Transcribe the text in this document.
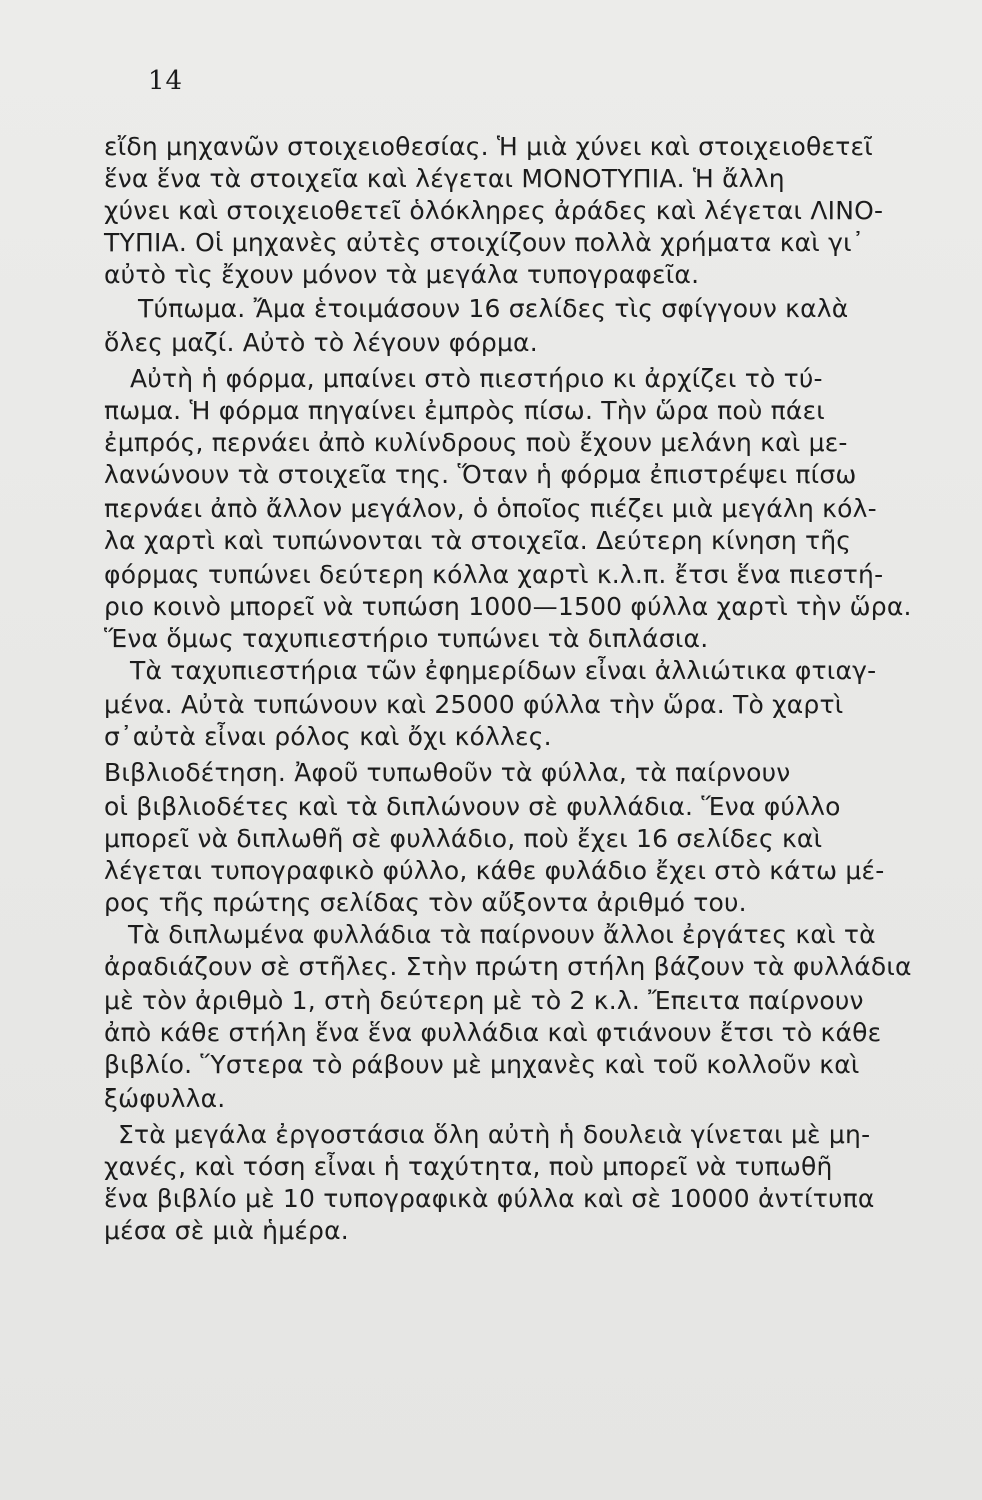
14
εἴδη μηχανῶν στοιχειοθεσίας. Ἡ μιὰ χύνει καὶ στοιχειοθετεῖ
ἕνα ἕνα τὰ στοιχεῖα καὶ λέγεται ΜΟΝΟΤΥΠΙΑ. Ἡ ἄλλη
χύνει καὶ στοιχειοθετεῖ ὁλόκληρες ἀράδες καὶ λέγεται ΛΙΝΟ-
ΤΥΠΙΑ. Οἱ μηχανὲς αὐτὲς στοιχίζουν πολλὰ χρήματα καὶ γι᾽
αὐτὸ τὶς ἔχουν μόνον τὰ μεγάλα τυπογραφεῖα.
Τύπωμα. Ἄμα ἑτοιμάσουν 16 σελίδες τὶς σφίγγουν καλὰ
ὅλες μαζί. Αὐτὸ τὸ λέγουν φόρμα.
Αὐτὴ ἡ φόρμα, μπαίνει στὸ πιεστήριο κι ἀρχίζει τὸ τύ-
πωμα. Ἡ φόρμα πηγαίνει ἐμπρὸς πίσω. Τὴν ὥρα ποὺ πάει
ἐμπρός, περνάει ἀπὸ κυλίνδρους ποὺ ἔχουν μελάνη καὶ με-
λανώνουν τὰ στοιχεῖα της. Ὅταν ἡ φόρμα ἐπιστρέψει πίσω
περνάει ἀπὸ ἄλλον μεγάλον, ὁ ὁποῖος πιέζει μιὰ μεγάλη κόλ-
λα χαρτὶ καὶ τυπώνονται τὰ στοιχεῖα. Δεύτερη κίνηση τῆς
φόρμας τυπώνει δεύτερη κόλλα χαρτὶ κ.λ.π. ἔτσι ἕνα πιεστή-
ριο κοινὸ μπορεῖ νὰ τυπώση 1000—1500 φύλλα χαρτὶ τὴν ὥρα.
Ἕνα ὅμως ταχυπιεστήριο τυπώνει τὰ διπλάσια.
Τὰ ταχυπιεστήρια τῶν ἐφημερίδων εἶναι ἀλλιώτικα φτιαγ-
μένα. Αὐτὰ τυπώνουν καὶ 25000 φύλλα τὴν ὥρα. Τὸ χαρτὶ
σ᾽αὐτὰ εἶναι ρόλος καὶ ὄχι κόλλες.
Βιβλιοδέτηση. Ἀφοῦ τυπωθοῦν τὰ φύλλα, τὰ παίρνουν
οἱ βιβλιοδέτες καὶ τὰ διπλώνουν σὲ φυλλάδια. Ἕνα φύλλο
μπορεῖ νὰ διπλωθῆ σὲ φυλλάδιο, ποὺ ἔχει 16 σελίδες καὶ
λέγεται τυπογραφικὸ φύλλο, κάθε φυλάδιο ἔχει στὸ κάτω μέ-
ρος τῆς πρώτης σελίδας τὸν αὔξοντα ἀριθμό του.
Τὰ διπλωμένα φυλλάδια τὰ παίρνουν ἄλλοι ἐργάτες καὶ τὰ
ἀραδιάζουν σὲ στῆλες. Στὴν πρώτη στήλη βάζουν τὰ φυλλάδια
μὲ τὸν ἀριθμὸ 1, στὴ δεύτερη μὲ τὸ 2 κ.λ. Ἔπειτα παίρνουν
ἀπὸ κάθε στήλη ἕνα ἕνα φυλλάδια καὶ φτιάνουν ἔτσι τὸ κάθε
βιβλίο. Ὕστερα τὸ ράβουν μὲ μηχανὲς καὶ τοῦ κολλοῦν καὶ
ξώφυλλα.
Στὰ μεγάλα ἐργοστάσια ὅλη αὐτὴ ἡ δουλειὰ γίνεται μὲ μη-
χανές, καὶ τόση εἶναι ἡ ταχύτητα, ποὺ μπορεῖ νὰ τυπωθῆ
ἕνα βιβλίο μὲ 10 τυπογραφικὰ φύλλα καὶ σὲ 10000 ἀντίτυπα
μέσα σὲ μιὰ ἡμέρα.
